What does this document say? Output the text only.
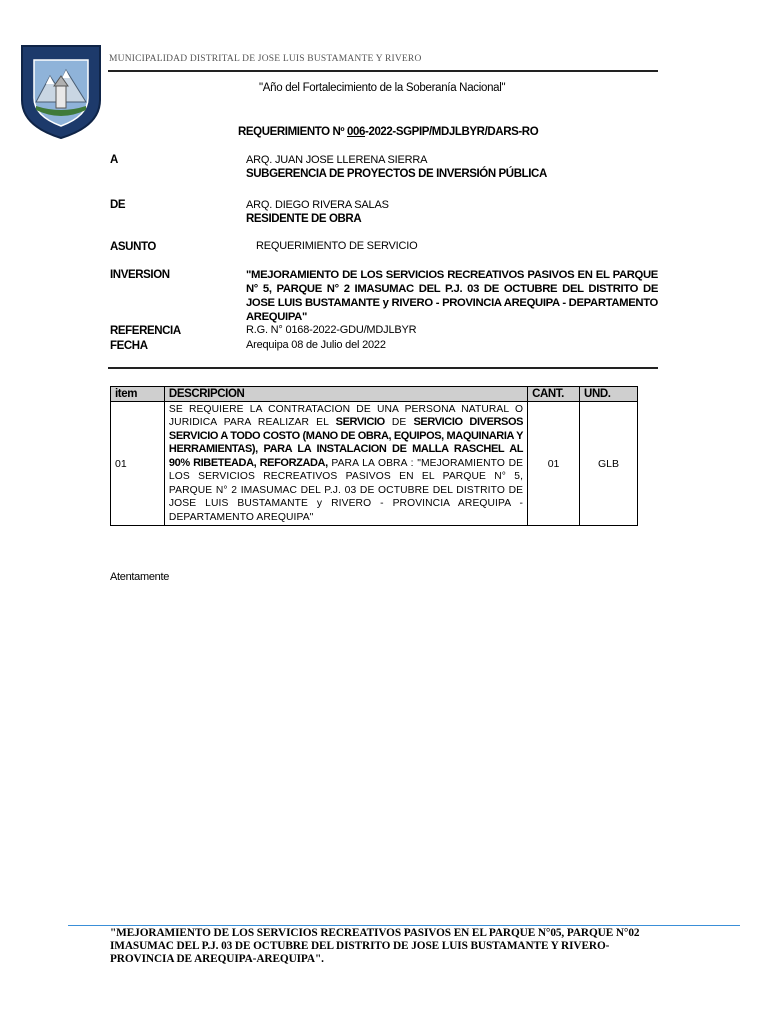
MUNICIPALIDAD DISTRITAL DE JOSE LUIS BUSTAMANTE Y RIVERO
"Año del Fortalecimiento de la Soberanía Nacional"
REQUERIMIENTO Nº 006-2022-SGPIP/MDJLBYR/DARS-RO
A	ARQ. JUAN JOSE LLERENA SIERRA
SUBGERENCIA DE PROYECTOS DE INVERSIÓN PÚBLICA
DE	ARQ. DIEGO RIVERA SALAS
RESIDENTE DE OBRA
ASUNTO	REQUERIMIENTO DE SERVICIO
INVERSION	"MEJORAMIENTO DE LOS SERVICIOS RECREATIVOS PASIVOS EN EL PARQUE N° 5, PARQUE N° 2 IMASUMAC DEL P.J. 03 DE OCTUBRE DEL DISTRITO DE JOSE LUIS BUSTAMANTE y RIVERO - PROVINCIA AREQUIPA - DEPARTAMENTO AREQUIPA"
REFERENCIA	R.G. N° 0168-2022-GDU/MDJLBYR
FECHA	Arequipa 08 de Julio del 2022
item	DESCRIPCION	CANT.	UND.
01	SE REQUIERE LA CONTRATACION DE UNA PERSONA NATURAL O JURIDICA PARA REALIZAR EL SERVICIO DE SERVICIO DIVERSOS SERVICIO A TODO COSTO (MANO DE OBRA, EQUIPOS, MAQUINARIA Y HERRAMIENTAS), PARA LA INSTALACION DE MALLA RASCHEL AL 90% RIBETEADA, REFORZADA, PARA LA OBRA : "MEJORAMIENTO DE LOS SERVICIOS RECREATIVOS PASIVOS EN EL PARQUE N° 5, PARQUE N° 2 IMASUMAC DEL P.J. 03 DE OCTUBRE DEL DISTRITO DE JOSE LUIS BUSTAMANTE y RIVERO - PROVINCIA AREQUIPA - DEPARTAMENTO AREQUIPA"	01	GLB
Atentamente
"MEJORAMIENTO DE LOS SERVICIOS RECREATIVOS PASIVOS EN EL PARQUE N°05, PARQUE N°02 IMASUMAC DEL P.J. 03 DE OCTUBRE DEL DISTRITO DE JOSE LUIS BUSTAMANTE Y RIVERO-PROVINCIA DE AREQUIPA-AREQUIPA".
